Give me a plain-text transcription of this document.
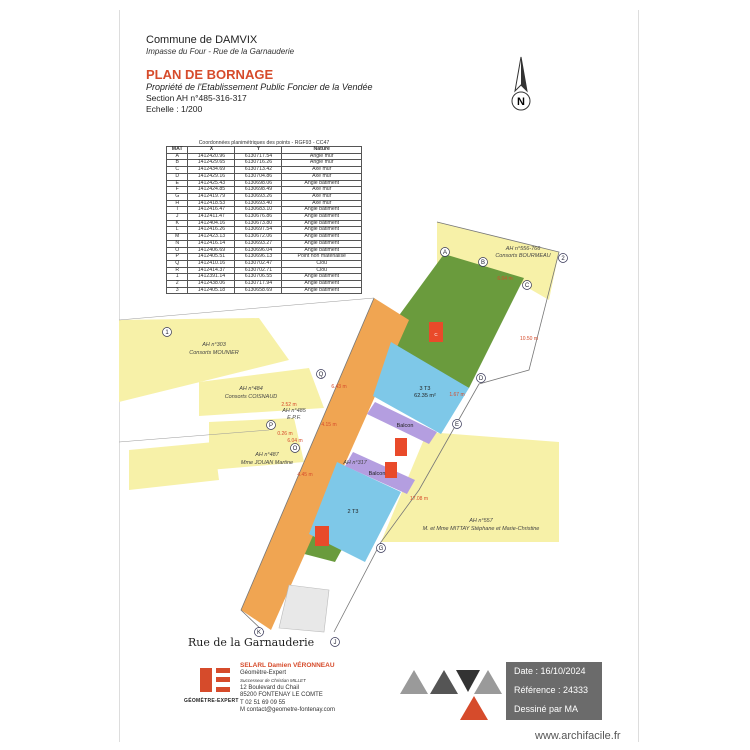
Commune de DAMVIX
Impasse du Four - Rue de la Garnauderie
PLAN DE BORNAGE
Propriété de l'Etablissement Public Foncier de la Vendée
Section AH n°485-316-317
Echelle : 1/200
N
Coordonnées planimétriques des points - RGF93 - CC47
MAT	X	Y	Nature
A	1412420.96	6130717.54	Angle mur
B	1412429.65	6130716.26	Angle mur
C	1412434.69	6130713.42	Axe mur
D	1412429.16	6130704.86	Axe mur
E	1412425.43	6130698.06	Angle bâtiment
F	1412424.85	6130698.49	Axe mur
G	1412419.79	6130693.26	Axe mur
H	1412418.53	6130693.40	Axe mur
I	1412416.47	6130683.10	Angle bâtiment
J	1412411.47	6130676.86	Angle bâtiment
K	1412404.16	6130673.80	Angle bâtiment
L	1412416.26	6130697.54	Angle bâtiment
M	1412423.13	6130672.06	Angle bâtiment
N	1412416.14	6130693.27	Angle bâtiment
O	1412406.69	6130696.04	Angle bâtiment
P	1412405.51	6130696.13	Point non matérialisé
Q	1412410.16	6130702.47	Clou
R	1412414.37	6130702.71	Clou
1	1412391.14	6130706.55	Angle bâtiment
2	1412438.06	6130717.94	Angle bâtiment
3	1412405.18	6130658.69	Angle bâtiment
AH n°556-766
Consorts BOURMEAU
AH n°303
Consorts MOUNIER
AH n°484
Consorts COISNAUD
AH n°485
E.P.F.
AH n°487
Mme JOUAN Martine
AH n°557
M. et Mme MITTAY Stéphane et Marie-Christine
AH n°317
3 T3
62.35 m²
2 T3
Balcon
Balcon
C
6.04 m
10.50 m
6.43 m
2.52 m
1.67 m
4.15 m
0.26 m
6.04 m
4.45 m
17.08 m
A
B
C
2
D
E
G
J
K
Q
P
O
1
Rue de la Garnauderie
GÉOMÈTRE-EXPERT
SELARL Damien VÉRONNEAU
Géomètre-Expert
Successeur de Christian MILLET
12 Boulevard du Chail
85200 FONTENAY LE COMTE
T 02 51 69 09 55
M contact@geometre-fontenay.com
Date : 16/10/2024
Référence : 24333
Dessiné par MA
www.archifacile.fr
